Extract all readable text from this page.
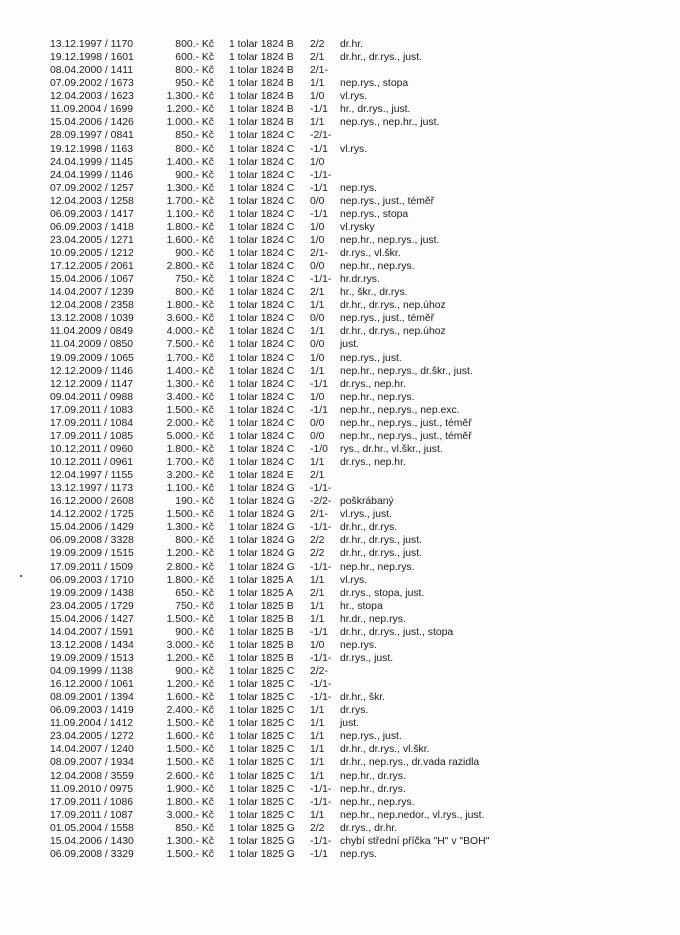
13.12.1997 / 1170	800.- Kč 1 tolar 1824 B 2/2 dr.hr.
19.12.1998 / 1601	600.- Kč 1 tolar 1824 B 2/1 dr.hr., dr.rys., just.
08.04.2000 / 1411	800.- Kč 1 tolar 1824 B 2/1-
07.09.2002 / 1673	950.- Kč 1 tolar 1824 B 1/1 nep.rys., stopa
12.04.2003 / 1623	1.300.- Kč 1 tolar 1824 B 1/0 vl.rys.
11.09.2004 / 1699	1.200.- Kč 1 tolar 1824 B -1/1 hr., dr.rys., just.
15.04.2006 / 1426	1.000.- Kč 1 tolar 1824 B 1/1 nep.rys., nep.hr., just.
28.09.1997 / 0841	850.- Kč 1 tolar 1824 C -2/1-
19.12.1998 / 1163	800.- Kč 1 tolar 1824 C -1/1 vl.rys.
24.04.1999 / 1145	1.400.- Kč 1 tolar 1824 C 1/0
24.04.1999 / 1146	900.- Kč 1 tolar 1824 C -1/1-
07.09.2002 / 1257	1.300.- Kč 1 tolar 1824 C -1/1 nep.rys.
12.04.2003 / 1258	1.700.- Kč 1 tolar 1824 C 0/0 nep.rys., just., téměř
06.09.2003 / 1417	1.100.- Kč 1 tolar 1824 C -1/1 nep.rys., stopa
06.09.2003 / 1418	1.800.- Kč 1 tolar 1824 C 1/0 vl.rysky
23.04.2005 / 1271	1.600.- Kč 1 tolar 1824 C 1/0 nep.hr., nep.rys., just.
10.09.2005 / 1212	900.- Kč 1 tolar 1824 C 2/1- dr.rys., vl.škr.
17.12.2005 / 2061	2.800.- Kč 1 tolar 1824 C 0/0 nep.hr., nep.rys.
15.04.2006 / 1067	750.- Kč 1 tolar 1824 C -1/1- hr.dr.rys.
14.04.2007 / 1239	800.- Kč 1 tolar 1824 C 2/1 hr., škr., dr.rys.
12.04.2008 / 2358	1.800.- Kč 1 tolar 1824 C 1/1 dr.hr., dr.rys., nep.úhoz
13.12.2008 / 1039	3.600.- Kč 1 tolar 1824 C 0/0 nep.rys., just., téměř
11.04.2009 / 0849	4.000.- Kč 1 tolar 1824 C 1/1 dr.hr., dr.rys., nep.úhoz
11.04.2009 / 0850	7.500.- Kč 1 tolar 1824 C 0/0 just.
19.09.2009 / 1065	1.700.- Kč 1 tolar 1824 C 1/0 nep.rys., just.
12.12.2009 / 1146	1.400.- Kč 1 tolar 1824 C 1/1 nep.hr., nep.rys., dr.škr., just.
12.12.2009 / 1147	1.300.- Kč 1 tolar 1824 C -1/1 dr.rys., nep.hr.
09.04.2011 / 0988	3.400.- Kč 1 tolar 1824 C 1/0 nep.hr., nep.rys.
17.09.2011 / 1083	1.500.- Kč 1 tolar 1824 C -1/1 nep.hr., nep.rys., nep.exc.
17.09.2011 / 1084	2.000.- Kč 1 tolar 1824 C 0/0 nep.hr., nep.rys., just., téměř
17.09.2011 / 1085	5.000.- Kč 1 tolar 1824 C 0/0 nep.hr., nep.rys., just., téměř
10.12.2011 / 0960	1.800.- Kč 1 tolar 1824 C -1/0 rys., dr.hr., vl.škr., just.
10.12.2011 / 0961	1.700.- Kč 1 tolar 1824 C 1/1 dr.rys., nep.hr.
12.04.1997 / 1155	3.200.- Kč 1 tolar 1824 E 2/1
13.12.1997 / 1173	1.100.- Kč 1 tolar 1824 G -1/1-
16.12.2000 / 2608	190.- Kč 1 tolar 1824 G -2/2- poškrábaný
14.12.2002 / 1725	1.500.- Kč 1 tolar 1824 G 2/1- vl.rys., just.
15.04.2006 / 1429	1.300.- Kč 1 tolar 1824 G -1/1- dr.hr., dr.rys.
06.09.2008 / 3328	800.- Kč 1 tolar 1824 G 2/2 dr.hr., dr.rys., just.
19.09.2009 / 1515	1.200.- Kč 1 tolar 1824 G 2/2 dr.hr., dr.rys., just.
17.09.2011 / 1509	2.800.- Kč 1 tolar 1824 G -1/1- nep.hr., nep.rys.
06.09.2003 / 1710	1.800.- Kč 1 tolar 1825 A 1/1 vl.rys.
19.09.2009 / 1438	650.- Kč 1 tolar 1825 A 2/1 dr.rys., stopa, just.
23.04.2005 / 1729	750.- Kč 1 tolar 1825 B 1/1 hr., stopa
15.04.2006 / 1427	1.500.- Kč 1 tolar 1825 B 1/1 hr.dr., nep.rys.
14.04.2007 / 1591	900.- Kč 1 tolar 1825 B -1/1 dr.hr., dr.rys., just., stopa
13.12.2008 / 1434	3.000.- Kč 1 tolar 1825 B 1/0 nep.rys.
19.09.2009 / 1513	1.200.- Kč 1 tolar 1825 B -1/1- dr.rys., just.
04.09.1999 / 1138	900.- Kč 1 tolar 1825 C 2/2-
16.12.2000 / 1061	1.200.- Kč 1 tolar 1825 C -1/1-
08.09.2001 / 1394	1.600.- Kč 1 tolar 1825 C -1/1- dr.hr., škr.
06.09.2003 / 1419	2.400.- Kč 1 tolar 1825 C 1/1 dr.rys.
11.09.2004 / 1412	1.500.- Kč 1 tolar 1825 C 1/1 just.
23.04.2005 / 1272	1.600.- Kč 1 tolar 1825 C 1/1 nep.rys., just.
14.04.2007 / 1240	1.500.- Kč 1 tolar 1825 C 1/1 dr.hr., dr.rys., vl.škr.
08.09.2007 / 1934	1.500.- Kč 1 tolar 1825 C 1/1 dr.hr., nep.rys., dr.vada razidla
12.04.2008 / 3559	2.600.- Kč 1 tolar 1825 C 1/1 nep.hr., dr.rys.
11.09.2010 / 0975	1.900.- Kč 1 tolar 1825 C -1/1- nep.hr., dr.rys.
17.09.2011 / 1086	1.800.- Kč 1 tolar 1825 C -1/1- nep.hr., nep.rys.
17.09.2011 / 1087	3.000.- Kč 1 tolar 1825 C 1/1 nep.hr., nep.nedor., vl.rys., just.
01.05.2004 / 1558	850.- Kč 1 tolar 1825 G 2/2 dr.rys., dr.hr.
15.04.2006 / 1430	1.300.- Kč 1 tolar 1825 G -1/1- chybí střední příčka "H" v "BOH"
06.09.2008 / 3329	1.500.- Kč 1 tolar 1825 G -1/1 nep.rys.
